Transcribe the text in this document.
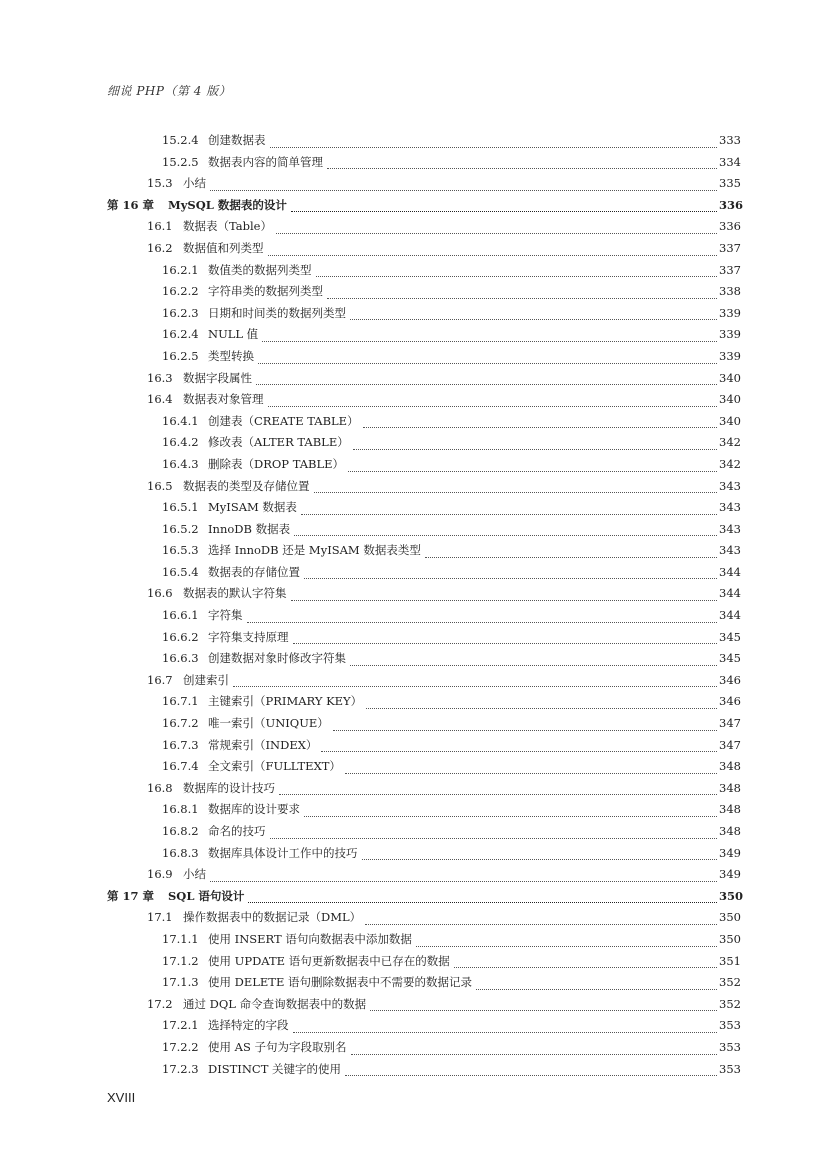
细说 PHP（第 4 版）
15.2.4 创建数据表	333
15.2.5 数据表内容的简单管理	334
15.3 小结	335
第 16 章	MySQL 数据表的设计	336
16.1 数据表（Table）	336
16.2 数据值和列类型	337
16.2.1 数值类的数据列类型	337
16.2.2 字符串类的数据列类型	338
16.2.3 日期和时间类的数据列类型	339
16.2.4 NULL 值	339
16.2.5 类型转换	339
16.3 数据字段属性	340
16.4 数据表对象管理	340
16.4.1 创建表（CREATE TABLE）	340
16.4.2 修改表（ALTER TABLE）	342
16.4.3 删除表（DROP TABLE）	342
16.5 数据表的类型及存储位置	343
16.5.1 MyISAM 数据表	343
16.5.2 InnoDB 数据表	343
16.5.3 选择 InnoDB 还是 MyISAM 数据表类型	343
16.5.4 数据表的存储位置	344
16.6 数据表的默认字符集	344
16.6.1 字符集	344
16.6.2 字符集支持原理	345
16.6.3 创建数据对象时修改字符集	345
16.7 创建索引	346
16.7.1 主键索引（PRIMARY KEY）	346
16.7.2 唯一索引（UNIQUE）	347
16.7.3 常规索引（INDEX）	347
16.7.4 全文索引（FULLTEXT）	348
16.8 数据库的设计技巧	348
16.8.1 数据库的设计要求	348
16.8.2 命名的技巧	348
16.8.3 数据库具体设计工作中的技巧	349
16.9 小结	349
第 17 章	SQL 语句设计	350
17.1 操作数据表中的数据记录（DML）	350
17.1.1 使用 INSERT 语句向数据表中添加数据	350
17.1.2 使用 UPDATE 语句更新数据表中已存在的数据	351
17.1.3 使用 DELETE 语句删除数据表中不需要的数据记录	352
17.2 通过 DQL 命令查询数据表中的数据	352
17.2.1 选择特定的字段	353
17.2.2 使用 AS 子句为字段取别名	353
17.2.3 DISTINCT 关键字的使用	353
XVIII
